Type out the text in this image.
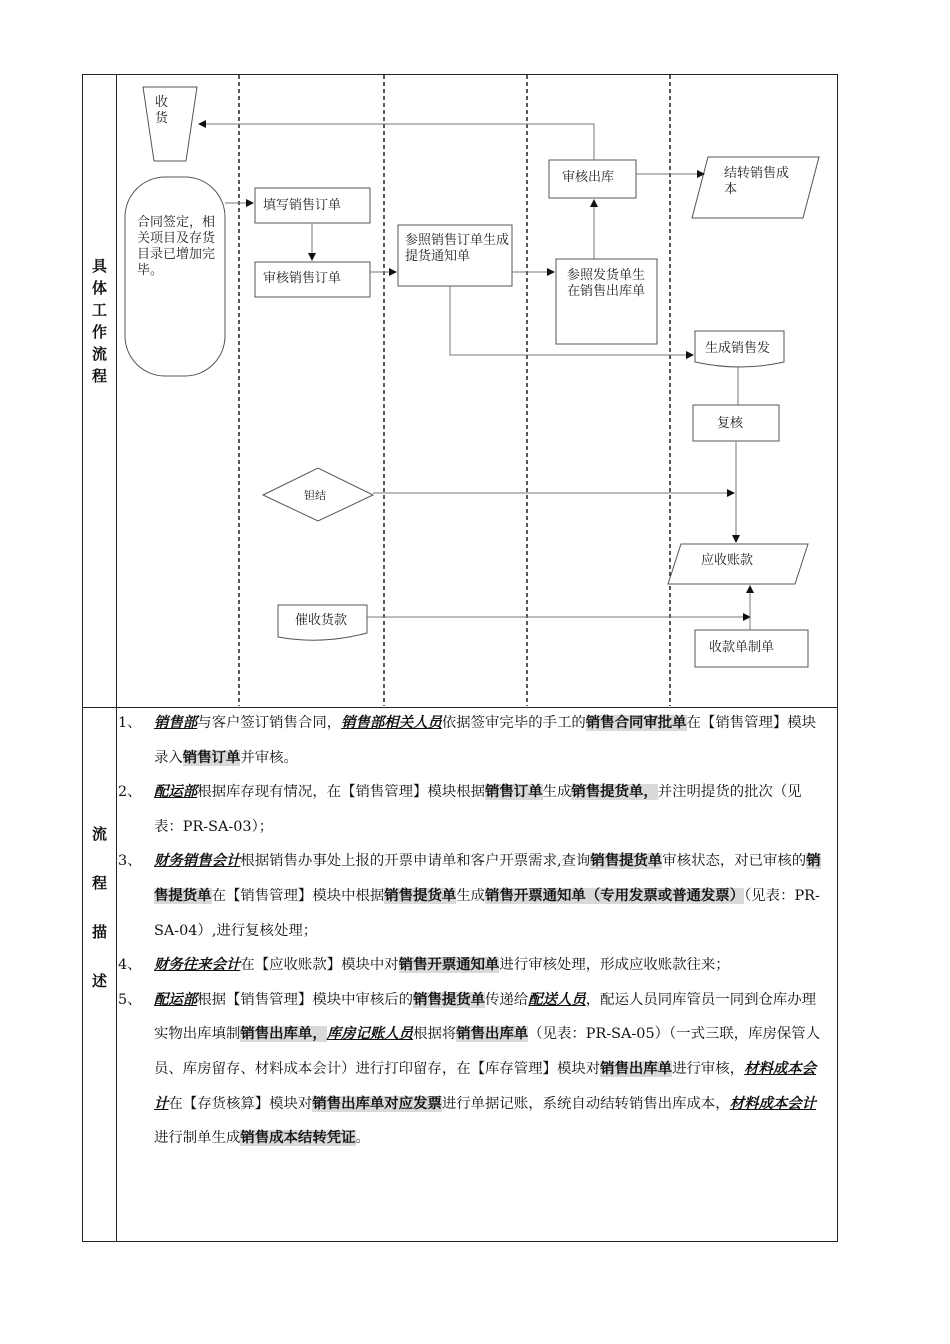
具
体
工
作
流
程
流
程
描
述
收货
合同签定，相关项目及存货目录已增加完毕。
填写销售订单
审核销售订单
参照销售订单生成提货通知单
参照发货单生在销售出库单
审核出库	结转销售成本
生成销售发
复核
钽结
应收账款
催收货款
收款单制单

1、 销售部与客户签订销售合同，销售部相关人员依据签审完毕的手工的销售合同审批单在【销售管理】模块录入销售订单并审核。

2、 配运部根据库存现有情况，在【销售管理】模块根据销售订单生成销售提货单，并注明提货的批次（见表：PR-SA-03）；

3、 财务销售会计根据销售办事处上报的开票申请单和客户开票需求,查询销售提货单审核状态，对已审核的销售提货单在【销售管理】模块中根据销售提货单生成销售开票通知单（专用发票或普通发票）（见表：PR-SA-04）,进行复核处理；

4、 财务往来会计在【应收账款】模块中对销售开票通知单进行审核处理，形成应收账款往来；

5、 配运部根据【销售管理】模块中审核后的销售提货单传递给配送人员，配运人员同库管员一同到仓库办理实物出库填制销售出库单，库房记账人员根据将销售出库单（见表：PR-SA-05）（一式三联，库房保管人员、库房留存、材料成本会计）进行打印留存，在【库存管理】模块对销售出库单进行审核，材料成本会计在【存货核算】模块对销售出库单对应发票进行单据记账，系统自动结转销售出库成本，材料成本会计进行制单生成销售成本结转凭证。
